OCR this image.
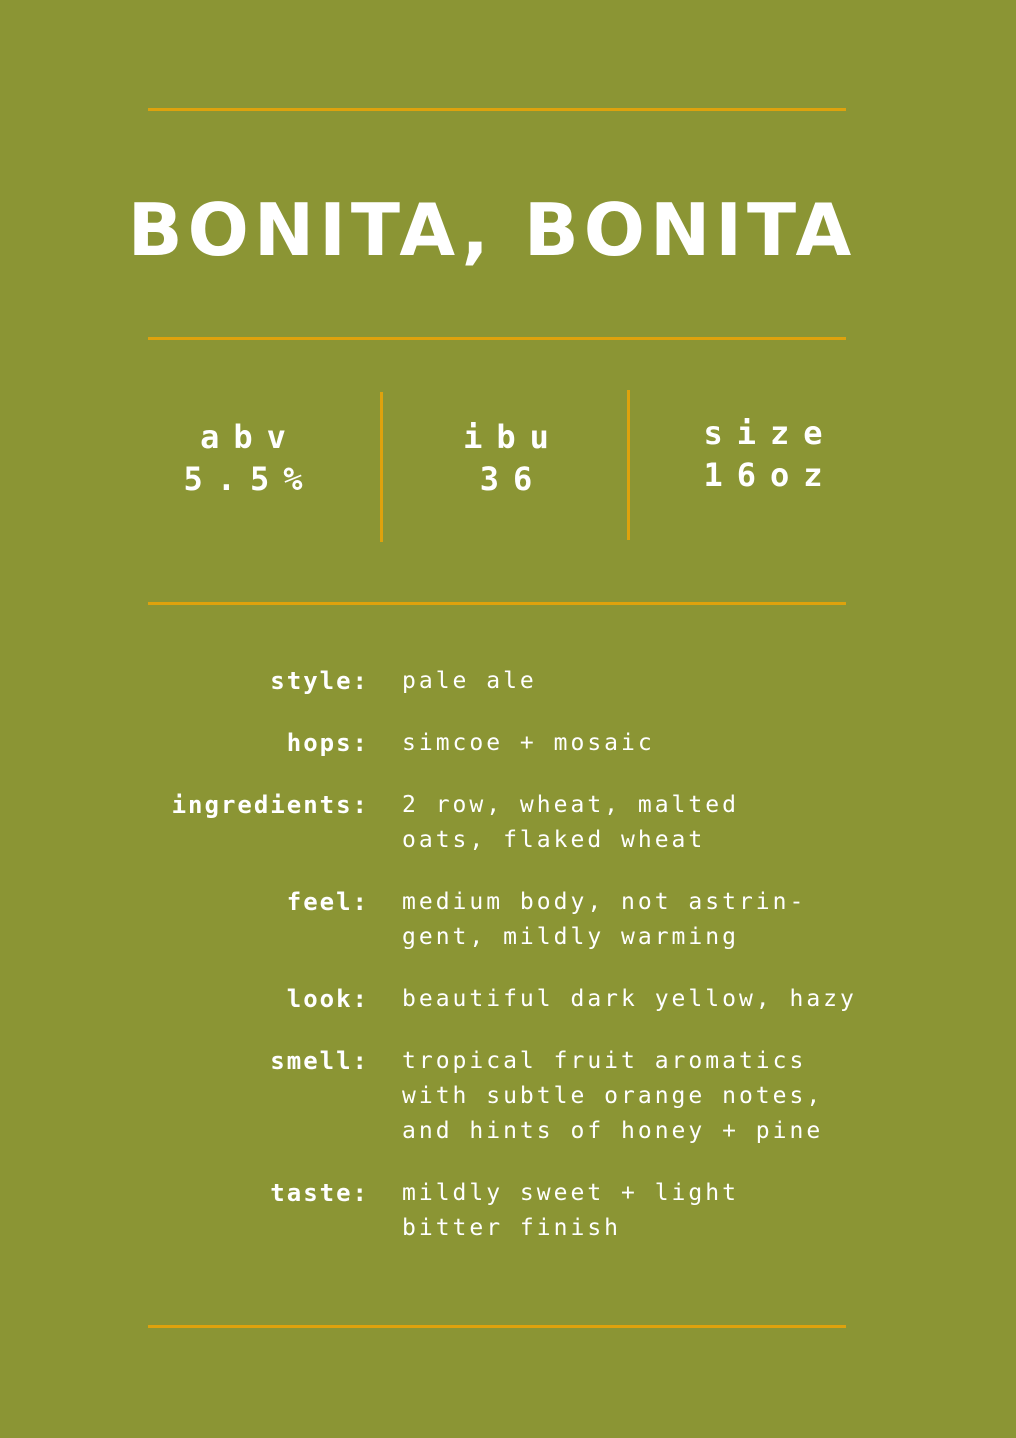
BONITA, BONITA
abv
5.5%
ibu
36
size
16oz
style: pale ale
hops: simcoe + mosaic
ingredients: 2 row, wheat, malted
oats, flaked wheat
feel: medium body, not astrin-
gent, mildly warming
look: beautiful dark yellow, hazy
smell: tropical fruit aromatics
with subtle orange notes,
and hints of honey + pine
taste: mildly sweet + light
bitter finish
